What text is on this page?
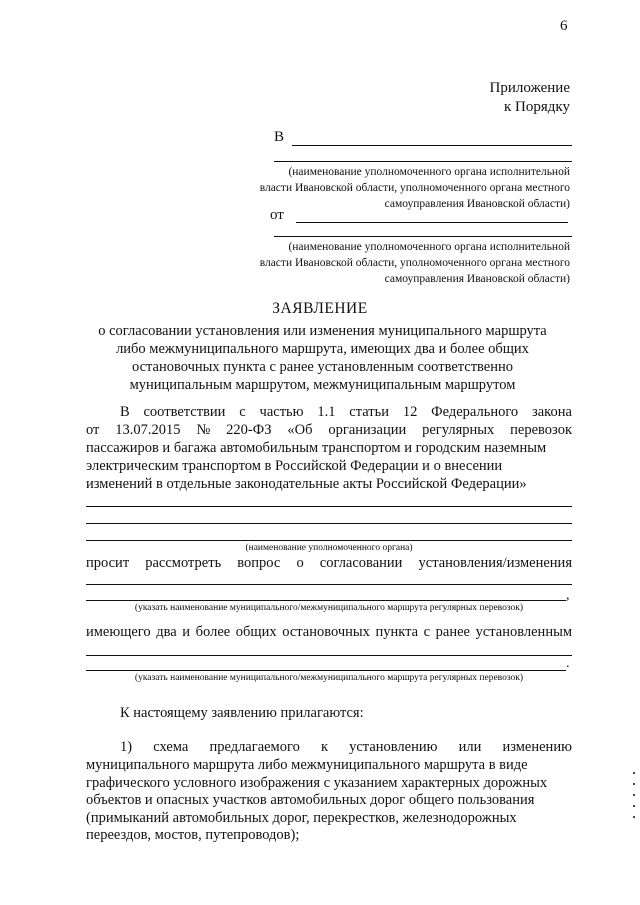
6
Приложение
к Порядку
В
(наименование уполномоченного органа исполнительной
власти Ивановской области, уполномоченного органа местного
самоуправления Ивановской области)
от
(наименование уполномоченного органа исполнительной
власти Ивановской области, уполномоченного органа местного
самоуправления Ивановской области)
ЗАЯВЛЕНИЕ
о согласовании установления или изменения муниципального маршрута
либо межмуниципального маршрута, имеющих два и более общих
остановочных пункта с ранее установленным соответственно
муниципальным маршрутом, межмуниципальным маршрутом
В соответствии с частью 1.1 статьи 12 Федерального закона
от 13.07.2015 № 220-ФЗ «Об организации регулярных перевозок
пассажиров и багажа автомобильным транспортом и городским наземным
электрическим транспортом в Российской Федерации и о внесении
изменений в отдельные законодательные акты Российской Федерации»
(наименование уполномоченного органа)
просит рассмотреть вопрос о согласовании установления/изменения
,
(указать наименование муниципального/межмуниципального маршрута регулярных перевозок)
имеющего два и более общих остановочных пункта с ранее установленным
.
(указать наименование муниципального/межмуниципального маршрута регулярных перевозок)
К настоящему заявлению прилагаются:
1) схема предлагаемого к установлению или изменению
муниципального маршрута либо межмуниципального маршрута в виде
графического условного изображения с указанием характерных дорожных
объектов и опасных участков автомобильных дорог общего пользования
(примыканий автомобильных дорог, перекрестков, железнодорожных
переездов, мостов, путепроводов);
